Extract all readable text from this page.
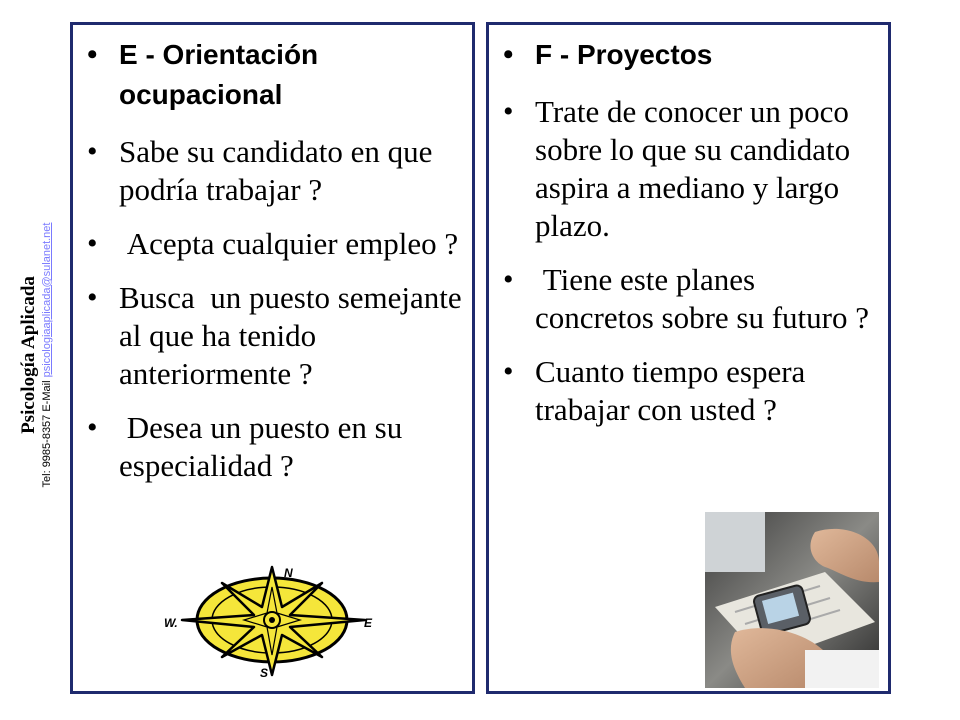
Psicología Aplicada
Tel: 9985-8357 E-Mail psicologiaaplicada@sulanet.net
• E - Orientación ocupacional
• Sabe su candidato en que podría trabajar ?
• Acepta cualquier empleo ?
• Busca  un puesto semejante al que ha tenido anteriormente ?
• Desea un puesto en su especialidad ?
N
S
E
W.
• F - Proyectos
• Trate de conocer un poco sobre lo que su candidato aspira a mediano y largo plazo.
• Tiene este planes concretos sobre su futuro ?
• Cuanto tiempo espera trabajar con usted ?
